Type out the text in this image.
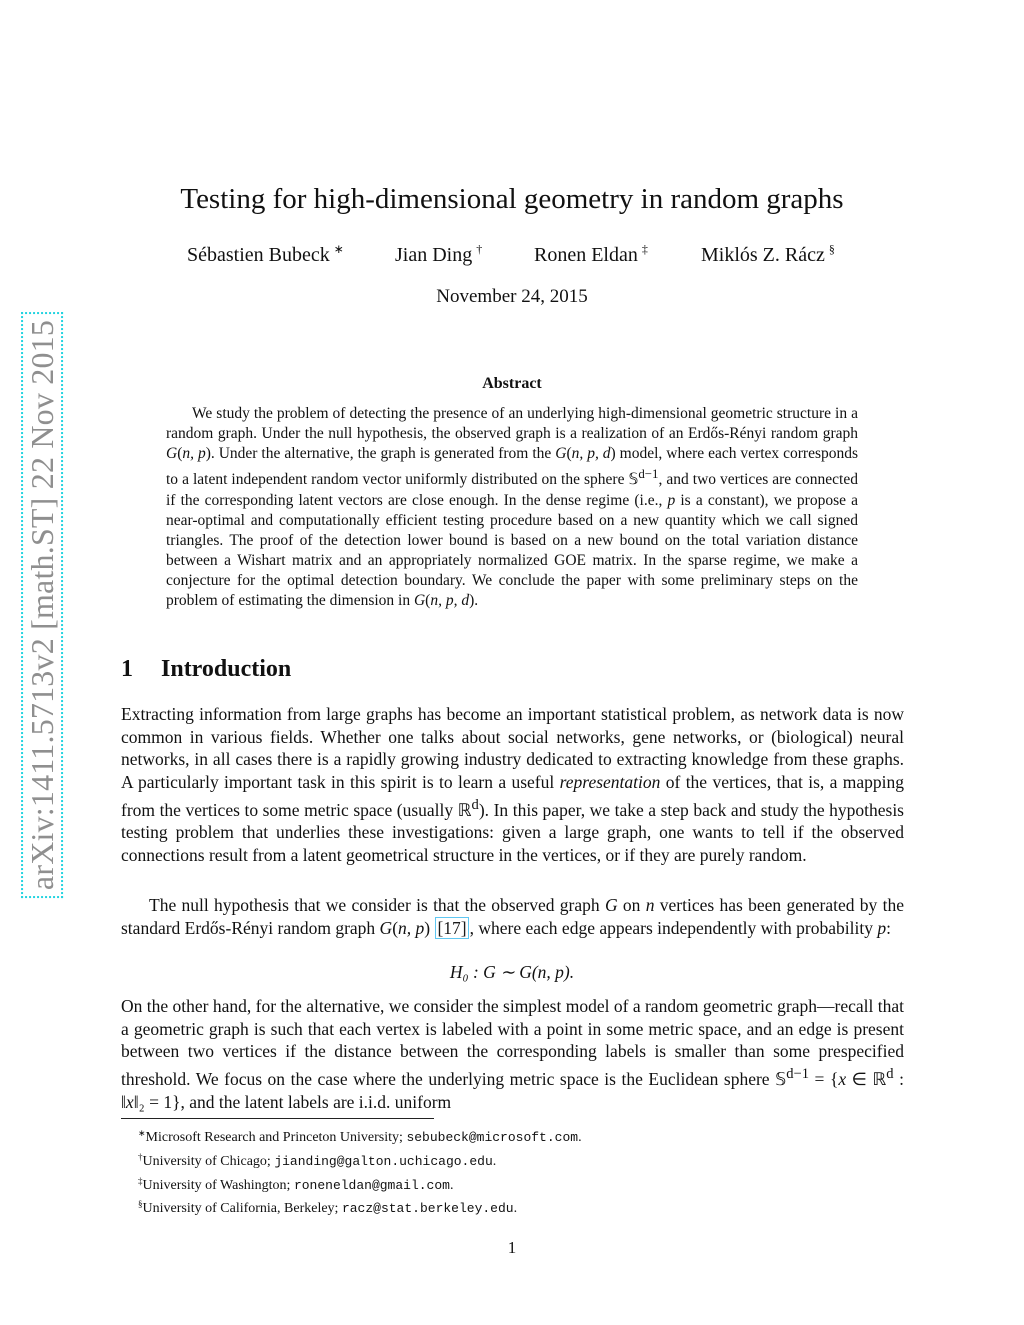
arXiv:1411.5713v2 [math.ST] 22 Nov 2015
Testing for high-dimensional geometry in random graphs
Sébastien Bubeck ∗	Jian Ding †	Ronen Eldan ‡	Miklós Z. Rácz §
November 24, 2015
Abstract

We study the problem of detecting the presence of an underlying high-dimensional geometric structure in a random graph. Under the null hypothesis, the observed graph is a realization of an Erdős-Rényi random graph G(n, p). Under the alternative, the graph is generated from the G(n, p, d) model, where each vertex corresponds to a latent independent random vector uniformly distributed on the sphere 𝕊$^{d-1}$, and two vertices are connected if the corresponding latent vectors are close enough. In the dense regime (i.e., p is a constant), we propose a near-optimal and computationally efficient testing procedure based on a new quantity which we call signed triangles. The proof of the detection lower bound is based on a new bound on the total variation distance between a Wishart matrix and an appropriately normalized GOE matrix. In the sparse regime, we make a conjecture for the optimal detection boundary. We conclude the paper with some preliminary steps on the problem of estimating the dimension in G(n, p, d).

1 Introduction

Extracting information from large graphs has become an important statistical problem, as network data is now common in various fields. Whether one talks about social networks, gene networks, or (biological) neural networks, in all cases there is a rapidly growing industry dedicated to extracting knowledge from these graphs. A particularly important task in this spirit is to learn a useful representation of the vertices, that is, a mapping from the vertices to some metric space (usually ℝ$^d$). In this paper, we take a step back and study the hypothesis testing problem that underlies these investigations: given a large graph, one wants to tell if the observed connections result from a latent geometrical structure in the vertices, or if they are purely random.

The null hypothesis that we consider is that the observed graph G on n vertices has been generated by the standard Erdős-Rényi random graph G(n, p) [17] , where each edge appears independently with probability p:

H₀ : G ∼ G(n, p).

On the other hand, for the alternative, we consider the simplest model of a random geometric graph—recall that a geometric graph is such that each vertex is labeled with a point in some metric space, and an edge is present between two vertices if the distance between the corresponding labels is smaller than some prespecified threshold. We focus on the case where the underlying metric space is the Euclidean sphere 𝕊$^{d-1}$ = {x ∈ ℝ$^d$ : ‖x‖₂ = 1}, and the latent labels are i.i.d. uniform

∗Microsoft Research and Princeton University; sebubeck@microsoft.com.

†University of Chicago; jianding@galton.uchicago.edu.

‡University of Washington; roneneldan@gmail.com.

§University of California, Berkeley; racz@stat.berkeley.edu.

1
